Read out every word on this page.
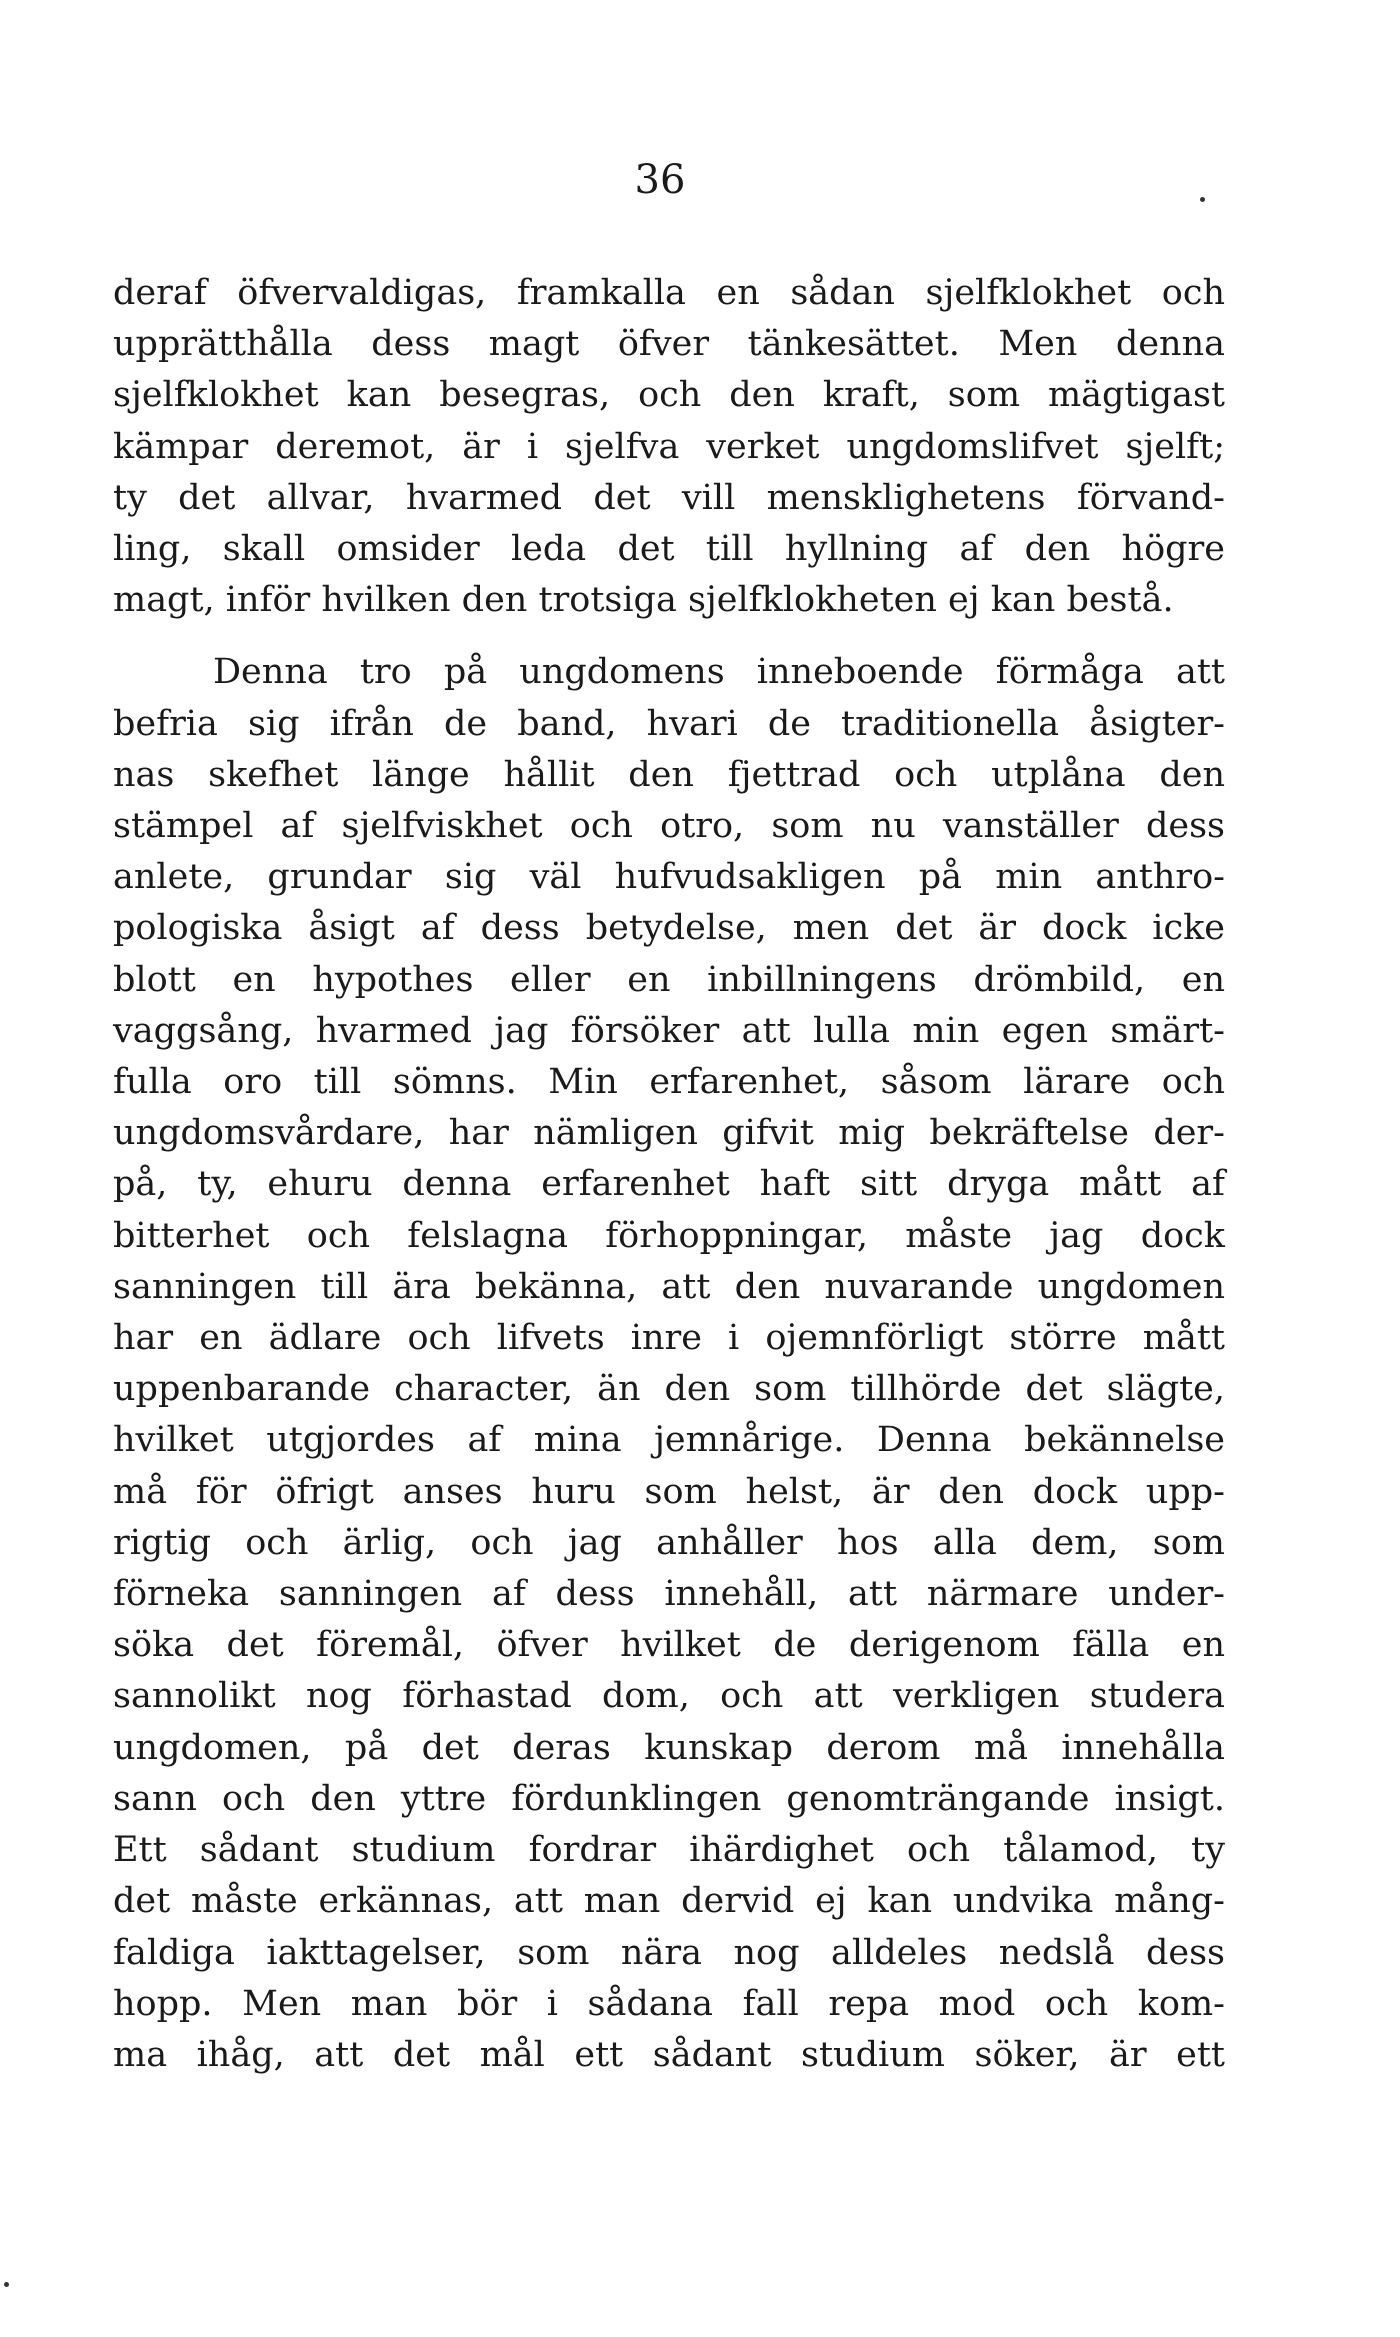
36

deraf öfvervaldigas, framkalla en sådan sjelfklokhet och
upprätthålla dess magt öfver tänkesättet. Men denna
sjelfklokhet kan besegras, och den kraft, som mägtigast
kämpar deremot, är i sjelfva verket ungdomslifvet sjelft;
ty det allvar, hvarmed det vill mensklighetens förvand-
ling, skall omsider leda det till hyllning af den högre
magt, inför hvilken den trotsiga sjelfklokheten ej kan bestå.

Denna tro på ungdomens inneboende förmåga att
befria sig ifrån de band, hvari de traditionella åsigter-
nas skefhet länge hållit den fjettrad och utplåna den
stämpel af sjelfviskhet och otro, som nu vanställer dess
anlete, grundar sig väl hufvudsakligen på min anthro-
pologiska åsigt af dess betydelse, men det är dock icke
blott en hypothes eller en inbillningens drömbild, en
vaggsång, hvarmed jag försöker att lulla min egen smärt-
fulla oro till sömns. Min erfarenhet, såsom lärare och
ungdomsvårdare, har nämligen gifvit mig bekräftelse der-
på, ty, ehuru denna erfarenhet haft sitt dryga mått af
bitterhet och felslagna förhoppningar, måste jag dock
sanningen till ära bekänna, att den nuvarande ungdomen
har en ädlare och lifvets inre i ojemnförligt större mått
uppenbarande character, än den som tillhörde det slägte,
hvilket utgjordes af mina jemnårige. Denna bekännelse
må för öfrigt anses huru som helst, är den dock upp-
rigtig och ärlig, och jag anhåller hos alla dem, som
förneka sanningen af dess innehåll, att närmare under-
söka det föremål, öfver hvilket de derigenom fälla en
sannolikt nog förhastad dom, och att verkligen studera
ungdomen, på det deras kunskap derom må innehålla
sann och den yttre fördunklingen genomträngande insigt.
Ett sådant studium fordrar ihärdighet och tålamod, ty
det måste erkännas, att man dervid ej kan undvika mång-
faldiga iakttagelser, som nära nog alldeles nedslå dess
hopp. Men man bör i sådana fall repa mod och kom-
ma ihåg, att det mål ett sådant studium söker, är ett
